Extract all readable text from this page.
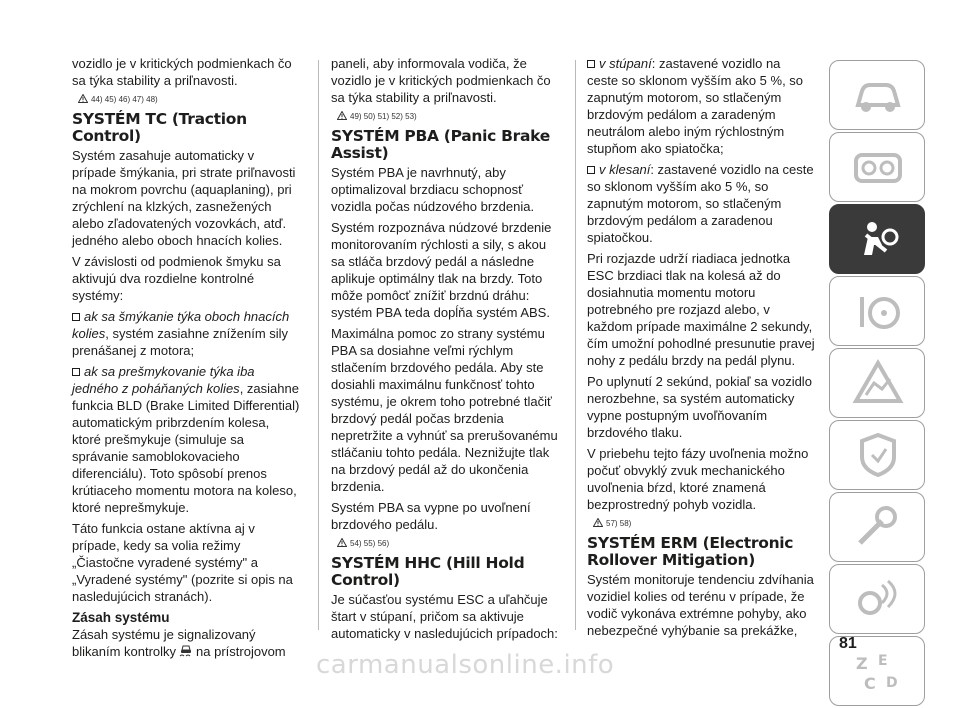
vozidlo je v kritických podmienkach čo sa týka stability a priľnavosti.

44) 45) 46) 47) 48)
SYSTÉM TC (Traction Control)

Systém zasahuje automaticky v prípade šmýkania, pri strate priľnavosti na mokrom povrchu (aquaplaning), pri zrýchlení na klzkých, zasnežených alebo zľadovatených vozovkách, atď. jedného alebo oboch hnacích kolies.

V závislosti od podmienok šmyku sa aktivujú dva rozdielne kontrolné systémy:

ak sa šmýkanie týka oboch hnacích kolies, systém zasiahne znížením sily prenášanej z motora;

ak sa prešmykovanie týka iba jedného z poháňaných kolies, zasiahne funkcia BLD (Brake Limited Differential) automatickým pribrzdením kolesa, ktoré prešmykuje (simuluje sa správanie samoblokovacieho diferenciálu). Toto spôsobí prenos krútiaceho momentu motora na koleso, ktoré neprešmykuje.

Táto funkcia ostane aktívna aj v prípade, kedy sa volia režimy „Čiastočne vyradené systémy" a „Vyradené systémy" (pozrite si opis na nasledujúcich stranách).

Zásah systému

Zásah systému je signalizovaný blikaním kontrolky na prístrojovom

paneli, aby informovala vodiča, že vozidlo je v kritických podmienkach čo sa týka stability a priľnavosti.

49) 50) 51) 52) 53)
SYSTÉM PBA (Panic Brake Assist)

Systém PBA je navrhnutý, aby optimalizoval brzdiacu schopnosť vozidla počas núdzového brzdenia.

Systém rozpoznáva núdzové brzdenie monitorovaním rýchlosti a sily, s akou sa stláča brzdový pedál a následne aplikuje optimálny tlak na brzdy. Toto môže pomôcť znížiť brzdnú dráhu: systém PBA teda dopĺňa systém ABS.

Maximálna pomoc zo strany systému PBA sa dosiahne veľmi rýchlym stlačením brzdového pedála. Aby ste dosiahli maximálnu funkčnosť tohto systému, je okrem toho potrebné tlačiť brzdový pedál počas brzdenia nepretržite a vyhnúť sa prerušovanému stláčaniu tohto pedála. Neznižujte tlak na brzdový pedál až do ukončenia brzdenia.

Systém PBA sa vypne po uvoľnení brzdového pedálu.

54) 55) 56)
SYSTÉM HHC (Hill Hold Control)

Je súčasťou systému ESC a uľahčuje štart v stúpaní, pričom sa aktivuje automaticky v nasledujúcich prípadoch:

v stúpaní: zastavené vozidlo na ceste so sklonom vyšším ako 5 %, so zapnutým motorom, so stlačeným brzdovým pedálom a zaradeným neutrálom alebo iným rýchlostným stupňom ako spiatočka;

v klesaní: zastavené vozidlo na ceste so sklonom vyšším ako 5 %, so zapnutým motorom, so stlačeným brzdovým pedálom a zaradenou spiatočkou.

Pri rozjazde udrží riadiaca jednotka ESC brzdiaci tlak na kolesá až do dosiahnutia momentu motoru potrebného pre rozjazd alebo, v každom prípade maximálne 2 sekundy, čím umožní pohodlné presunutie pravej nohy z pedálu brzdy na pedál plynu.

Po uplynutí 2 sekúnd, pokiaľ sa vozidlo nerozbehne, sa systém automaticky vypne postupným uvoľňovaním brzdového tlaku.

V priebehu tejto fázy uvoľnenia možno počuť obvyklý zvuk mechanického uvoľnenia bŕzd, ktoré znamená bezprostredný pohyb vozidla.

57) 58)
SYSTÉM ERM (Electronic Rollover Mitigation)

Systém monitoruje tendenciu zdvíhania vozidiel kolies od terénu v prípade, že vodič vykonáva extrémne pohyby, ako nebezpečné vyhýbanie sa prekážke,

Z E
C D
81
carmanualsonline.info
